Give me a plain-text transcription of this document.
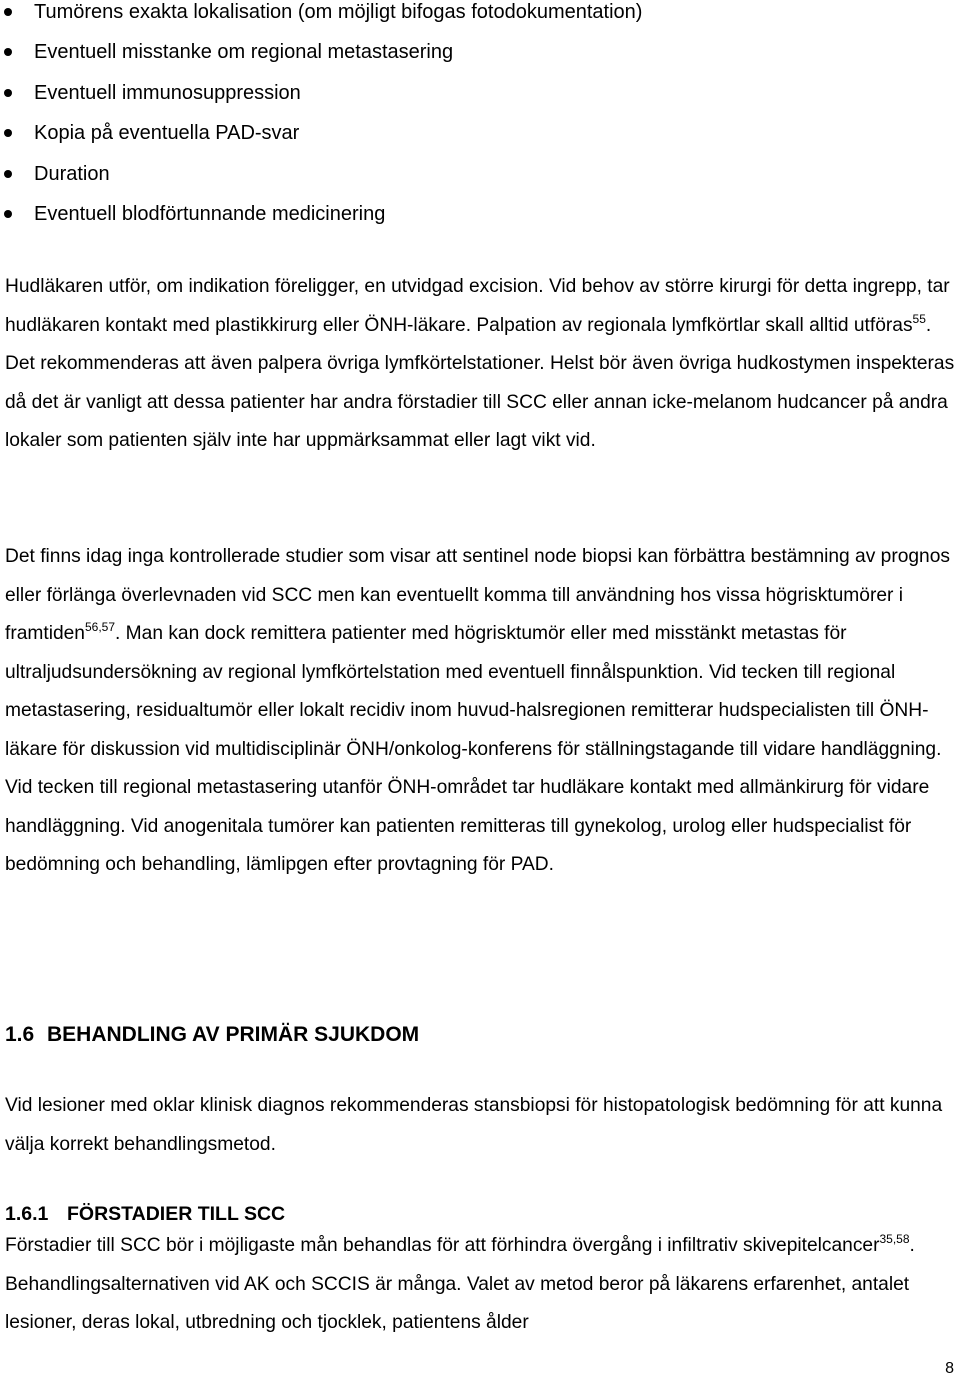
Tumörens exakta lokalisation (om möjligt bifogas fotodokumentation)
Eventuell misstanke om regional metastasering
Eventuell immunosuppression
Kopia på eventuella PAD-svar
Duration
Eventuell blodförtunnande medicinering

Hudläkaren utför, om indikation föreligger, en utvidgad excision. Vid behov av större kirurgi för detta ingrepp, tar hudläkaren kontakt med plastikkirurg eller ÖNH-läkare. Palpation av regionala lymfkörtlar skall alltid utföras$^{55}$. Det rekommenderas att även palpera övriga lymfkörtelstationer. Helst bör även övriga hudkostymen inspekteras då det är vanligt att dessa patienter har andra förstadier till SCC eller annan icke-melanom hudcancer på andra lokaler som patienten själv inte har uppmärksammat eller lagt vikt vid.

Det finns idag inga kontrollerade studier som visar att sentinel node biopsi kan förbättra bestämning av prognos eller förlänga överlevnaden vid SCC men kan eventuellt komma till användning hos vissa högrisktumörer i framtiden$^{56,57}$. Man kan dock remittera patienter med högrisktumör eller med misstänkt metastas för ultraljudsundersökning av regional lymfkörtelstation med eventuell finnålspunktion. Vid tecken till regional metastasering, residualtumör eller lokalt recidiv inom huvud-halsregionen remitterar hudspecialisten till ÖNH-läkare för diskussion vid multidisciplinär ÖNH/onkolog-konferens för ställningstagande till vidare handläggning. Vid tecken till regional metastasering utanför ÖNH-området tar hudläkare kontakt med allmänkirurg för vidare handläggning. Vid anogenitala tumörer kan patienten remitteras till gynekolog, urolog eller hudspecialist för bedömning och behandling, lämlipgen efter provtagning för PAD.

1.6 BEHANDLING AV PRIMÄR SJUKDOM

Vid lesioner med oklar klinisk diagnos rekommenderas stansbiopsi för histopatologisk bedömning för att kunna välja korrekt behandlingsmetod.

1.6.1 FÖRSTADIER TILL SCC

Förstadier till SCC bör i möjligaste mån behandlas för att förhindra övergång i infiltrativ skivepitelcancer$^{35,58}$. Behandlingsalternativen vid AK och SCCIS är många. Valet av metod beror på läkarens erfarenhet, antalet lesioner, deras lokal, utbredning och tjocklek, patientens ålder

8
